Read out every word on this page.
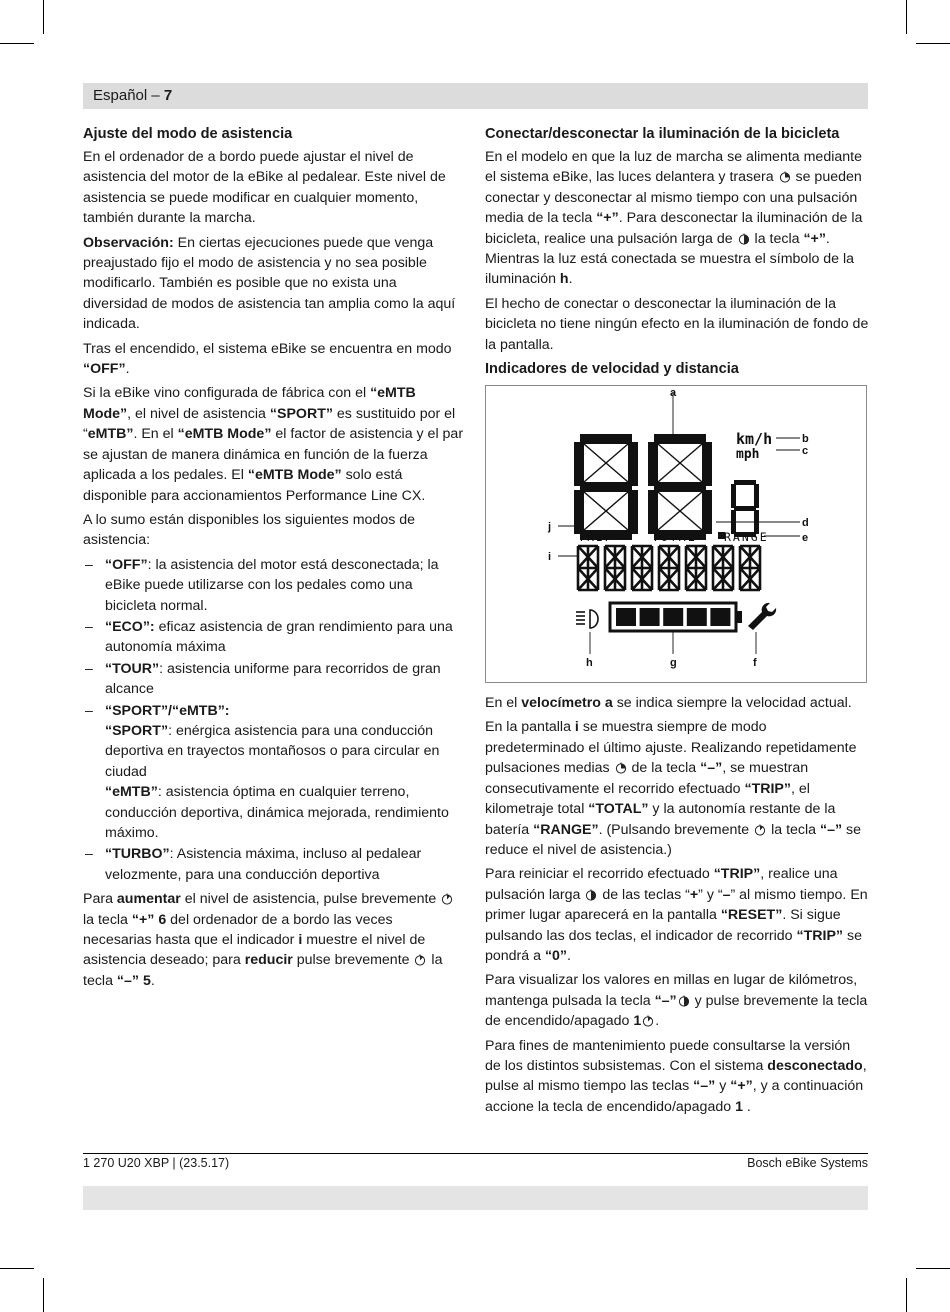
Español – 7
Ajuste del modo de asistencia

En el ordenador de a bordo puede ajustar el nivel de asistencia del motor de la eBike al pedalear. Este nivel de asistencia se puede modificar en cualquier momento, también durante la marcha.

Observación: En ciertas ejecuciones puede que venga preajustado fijo el modo de asistencia y no sea posible modificarlo. También es posible que no exista una diversidad de modos de asistencia tan amplia como la aquí indicada.

Tras el encendido, el sistema eBike se encuentra en modo “OFF”.

Si la eBike vino configurada de fábrica con el “eMTB Mode”, el nivel de asistencia “SPORT” es sustituido por el “eMTB”. En el “eMTB Mode” el factor de asistencia y el par se ajustan de manera dinámica en función de la fuerza aplicada a los pedales. El “eMTB Mode” solo está disponible para accionamientos Performance Line CX.

A lo sumo están disponibles los siguientes modos de asistencia:

– “OFF”: la asistencia del motor está desconectada; la eBike puede utilizarse con los pedales como una bicicleta normal.
– “ECO”: eficaz asistencia de gran rendimiento para una autonomía máxima
– “TOUR”: asistencia uniforme para recorridos de gran alcance
– “SPORT”/“eMTB”:
“SPORT”: enérgica asistencia para una conducción deportiva en trayectos montañosos o para circular en ciudad
“eMTB”: asistencia óptima en cualquier terreno, conducción deportiva, dinámica mejorada, rendimiento máximo.
– “TURBO”: Asistencia máxima, incluso al pedalear velozmente, para una conducción deportiva

Para aumentar el nivel de asistencia, pulse brevemente  la tecla “+” 6 del ordenador de a bordo las veces necesarias hasta que el indicador i muestre el nivel de asistencia deseado; para reducir pulse brevemente  la tecla “–” 5.

Conectar/desconectar la iluminación de la bicicleta

En el modelo en que la luz de marcha se alimenta mediante el sistema eBike, las luces delantera y trasera  se pueden conectar y desconectar al mismo tiempo con una pulsación media de la tecla “+”. Para desconectar la iluminación de la bicicleta, realice una pulsación larga de  la tecla “+”. Mientras la luz está conectada se muestra el símbolo de la iluminación h.

El hecho de conectar o desconectar la iluminación de la bicicleta no tiene ningún efecto en la iluminación de fondo de la pantalla.

Indicadores de velocidad y distancia
km/h
mph
TRIP	TOTAL RANGE
a
b
c
d
e
f
g
h
i
j

En el velocímetro a se indica siempre la velocidad actual.

En la pantalla i se muestra siempre de modo predeterminado el último ajuste. Realizando repetidamente pulsaciones medias  de la tecla “–”, se muestran consecutivamente el recorrido efectuado “TRIP”, el kilometraje total “TOTAL” y la autonomía restante de la batería “RANGE”. (Pulsando brevemente  la tecla “–” se reduce el nivel de asistencia.)

Para reiniciar el recorrido efectuado “TRIP”, realice una pulsación larga  de las teclas “+” y “–” al mismo tiempo. En primer lugar aparecerá en la pantalla “RESET”. Si sigue pulsando las dos teclas, el indicador de recorrido “TRIP” se pondrá a “0”.

Para visualizar los valores en millas en lugar de kilómetros, mantenga pulsada la tecla “–” y pulse brevemente la tecla de encendido/apagado 1 .

Para fines de mantenimiento puede consultarse la versión de los distintos subsistemas. Con el sistema desconectado, pulse al mismo tiempo las teclas “–” y “+”, y a continuación accione la tecla de encendido/apagado 1 .

1 270 U20 XBP | (23.5.17)	Bosch eBike Systems
